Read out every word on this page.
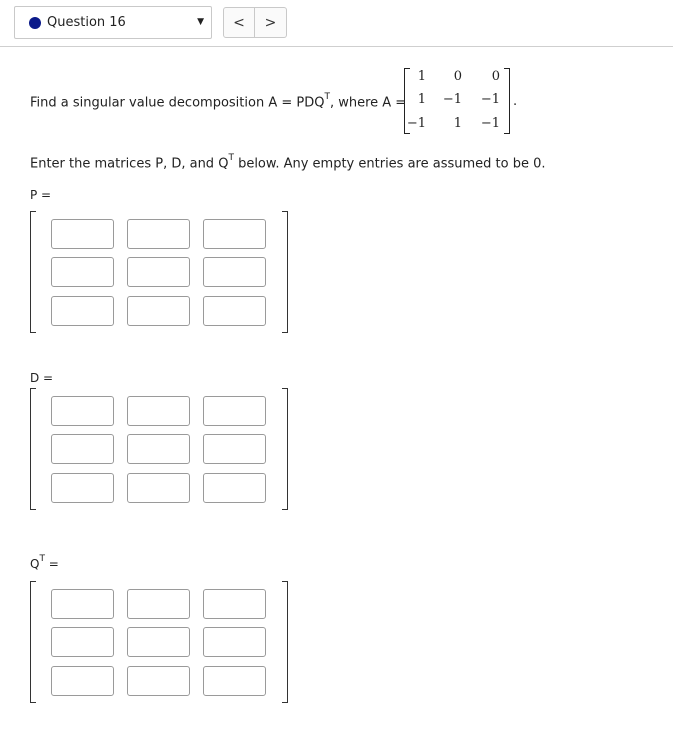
Question 16	▼ < >
Find a singular value decomposition $A = PDQ^T$, where A =
1	0	0
1	−1	−1
−1	1	−1
.
Enter the matrices P, D, and $Q^T$ below. Any empty entries are assumed to be 0.
P =
D =
$Q^T$ =
